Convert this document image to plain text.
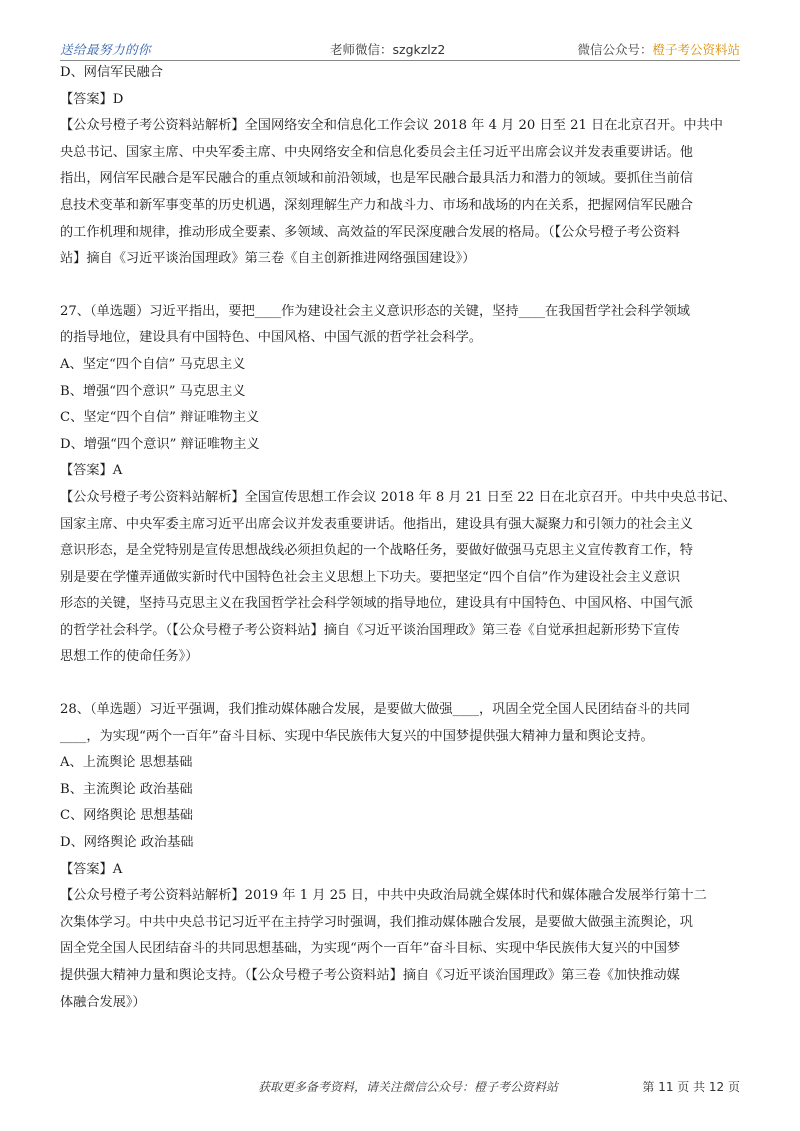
送给最努力的你	老师微信：szgkzlz2	微信公众号：橙子考公资料站

D、网信军民融合

【答案】D

【公众号橙子考公资料站解析】全国网络安全和信息化工作会议 2018 年 4 月 20 日至 21 日在北京召开。中共中

央总书记、国家主席、中央军委主席、中央网络安全和信息化委员会主任习近平出席会议并发表重要讲话。他

指出，网信军民融合是军民融合的重点领域和前沿领域，也是军民融合最具活力和潜力的领域。要抓住当前信

息技术变革和新军事变革的历史机遇，深刻理解生产力和战斗力、市场和战场的内在关系，把握网信军民融合

的工作机理和规律，推动形成全要素、多领域、高效益的军民深度融合发展的格局。（【公众号橙子考公资料

站】摘自《习近平谈治国理政》第三卷《自主创新推进网络强国建设》）

27、（单选题）习近平指出，要把____作为建设社会主义意识形态的关键，坚持____在我国哲学社会科学领域

的指导地位，建设具有中国特色、中国风格、中国气派的哲学社会科学。

A、坚定“四个自信” 马克思主义

B、增强“四个意识” 马克思主义

C、坚定“四个自信” 辩证唯物主义

D、增强“四个意识” 辩证唯物主义

【答案】A

【公众号橙子考公资料站解析】全国宣传思想工作会议 2018 年 8 月 21 日至 22 日在北京召开。中共中央总书记、

国家主席、中央军委主席习近平出席会议并发表重要讲话。他指出，建设具有强大凝聚力和引领力的社会主义

意识形态，是全党特别是宣传思想战线必须担负起的一个战略任务，要做好做强马克思主义宣传教育工作，特

别是要在学懂弄通做实新时代中国特色社会主义思想上下功夫。要把坚定“四个自信”作为建设社会主义意识

形态的关键，坚持马克思主义在我国哲学社会科学领域的指导地位，建设具有中国特色、中国风格、中国气派

的哲学社会科学。（【公众号橙子考公资料站】摘自《习近平谈治国理政》第三卷《自觉承担起新形势下宣传

思想工作的使命任务》）

28、（单选题）习近平强调，我们推动媒体融合发展，是要做大做强____，巩固全党全国人民团结奋斗的共同

____，为实现“两个一百年”奋斗目标、实现中华民族伟大复兴的中国梦提供强大精神力量和舆论支持。

A、上流舆论 思想基础

B、主流舆论 政治基础

C、网络舆论 思想基础

D、网络舆论 政治基础

【答案】A

【公众号橙子考公资料站解析】2019 年 1 月 25 日，中共中央政治局就全媒体时代和媒体融合发展举行第十二

次集体学习。中共中央总书记习近平在主持学习时强调，我们推动媒体融合发展，是要做大做强主流舆论，巩

固全党全国人民团结奋斗的共同思想基础，为实现“两个一百年”奋斗目标、实现中华民族伟大复兴的中国梦

提供强大精神力量和舆论支持。（【公众号橙子考公资料站】摘自《习近平谈治国理政》第三卷《加快推动媒

体融合发展》）

获取更多备考资料，请关注微信公众号：橙子考公资料站	第 11 页 共 12 页
